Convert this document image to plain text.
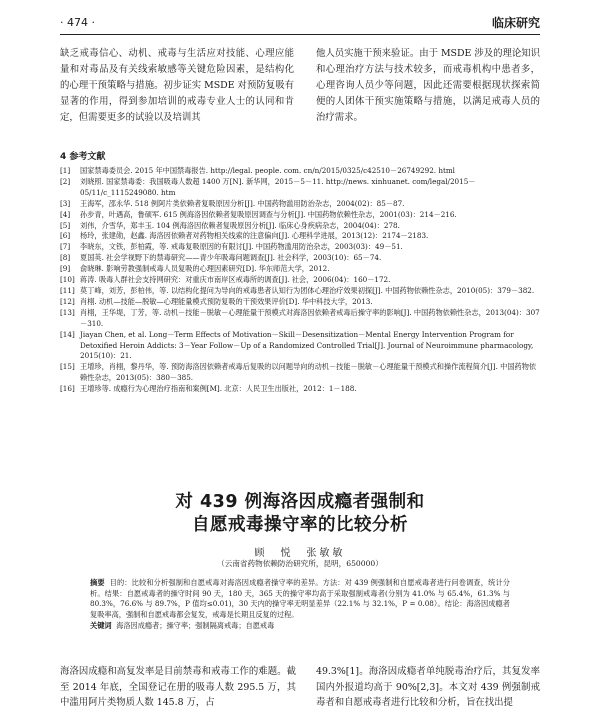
· 474 ·	临床研究

缺乏戒毒信心、动机、戒毒与生活应对技能、心理应能量和对毒品及有关线索敏感等关键危险因素，是结构化的心理干预策略与措施。初步证实 MSDE 对预防复吸有显著的作用，得到参加培训的戒毒专业人士的认同和肯定，但需要更多的试验以及培训其

他人员实施干预来验证。由于 MSDE 涉及的理论知识和心理治疗方法与技术较多，而戒毒机构中患者多，心理咨询人员少等问题，因此还需要根据现状探索简便的人团体干预实施策略与措施，以满足戒毒人员的治疗需求。

4 参考文献
[1]	国家禁毒委员会. 2015 年中国禁毒报告. http://legal. people. com. cn/n/2015/0325/c42510－26749292. html
[2]	刘晓照. 国家禁毒委：我国吸毒人数超 1400 万[N]. 新华网，2015－5－11. http://news. xinhuanet. com/legal/2015－05/11/c_1115249080. htm
[3]	王海军，邵永华. 518 例阿片类依赖者复吸原因分析[J]. 中国药物滥用防治杂志，2004(02)：85－87.
[4]	孙步青，叶遇高，鲁硕军. 615 例海洛因依赖者复吸原因调查与分析[J]. 中国药物依赖性杂志，2001(03)：214－216.
[5]	刘伟，介雪华，郑丰玉. 104 例海洛因依赖者复吸原因分析[J]. 临床心身疾病杂志，2004(04)：278.
[6]	杨玲，张建勋，赵鑫. 海洛因依赖者对药物相关线索的注意偏向[J]. 心理科学进展，2013(12)：2174－2183.
[7]	李晓东，文铁，彭柏霞，等. 戒毒复吸原因的有限讨[J]. 中国药物滥用防治杂志，2003(03)：49－51.
[8]	夏国英. 社会学视野下的禁毒研究——青少年吸毒问题调查[J]. 社会科学，2003(10)：65－74.
[9]	俞晓琳. 影响劳教强制戒毒人员复吸的心理因素研究[D]. 华东师范大学，2012.
[10] 蒋涛. 吸毒人群社会支持网研究：对重庆市南岸区戒毒所的调查[J]. 社会，2006(04)：160－172.
[11] 莫丁峰，刘芳，彭柏伟，等. 以结构化提问为导向的戒毒患者认知行为团体心理治疗效果初探[J]. 中国药物依赖性杂志，2010(05)：379－382.
[12] 肖栩. 动机—技能—脱敏—心理能量模式预防复吸的干预效果评价[D]. 华中科技大学，2013.
[13] 肖栩，王华堤，丁芳，等. 动机－技能－脱敏－心理能量干预模式对海洛因依赖者戒毒后操守率的影响[J]. 中国药物依赖性杂志，2013(04)：307－310.
[14] Jiayan Chen, et al. Long－Term Effects of Motivation－Skill－Desensitization－Mental Energy Intervention Program for Detoxified Heroin Addicts: 3－Year Follow－Up of a Randomized Controlled Trial[J]. Journal of Neuroimmune pharmacology, 2015(10)：21.
[15] 王增珍，肖栩，黎丹华，等. 预防海洛因依赖者戒毒后复吸的以问题导向的动机－技能－脱敏－心理能量干预模式和操作流程简介[J]. 中国药物依赖性杂志，2013(05)：380－385.
[16] 王增珍等. 成瘾行为心理治疗指南和案例[M]. 北京：人民卫生出版社，2012：1－188.
对 439 例海洛因成瘾者强制和
自愿戒毒操守率的比较分析
顾　悦　张敏敏
（云南省药物依赖防治研究所，昆明，650000）
摘要 目的：比较和分析强制和自愿戒毒对海洛因成瘾者操守率的差异。方法：对 439 例强制和自愿戒毒者进行问卷调查，统计分析。结果：自愿戒毒者的操守时间 90 天，180 天，365 天的操守率均高于采取强制戒毒者(分别为 41.0% 与 65.4%，61.3% 与 80.3%，76.6% 与 89.7%，P 值均≤0.01)，30 天内的操守率无明显差异（22.1% 与 32.1%，P = 0.08）。结论：海洛因成瘾者复吸率高，强制和自愿戒毒都会复发，戒毒是长期且反复的过程。
关键词 海洛因成瘾者；操守率；强制隔离戒毒；自愿戒毒

海洛因成瘾和高复发率是目前禁毒和戒毒工作的难题。截至 2014 年底，全国登记在册的吸毒人数 295.5 万，其中滥用阿片类物质人数 145.8 万，占

49.3%[1]。海洛因成瘾者单纯脱毒治疗后，其复发率国内外报道均高于 90%[2,3]。本文对 439 例强制戒毒者和自愿戒毒者进行比较和分析，旨在找出提
